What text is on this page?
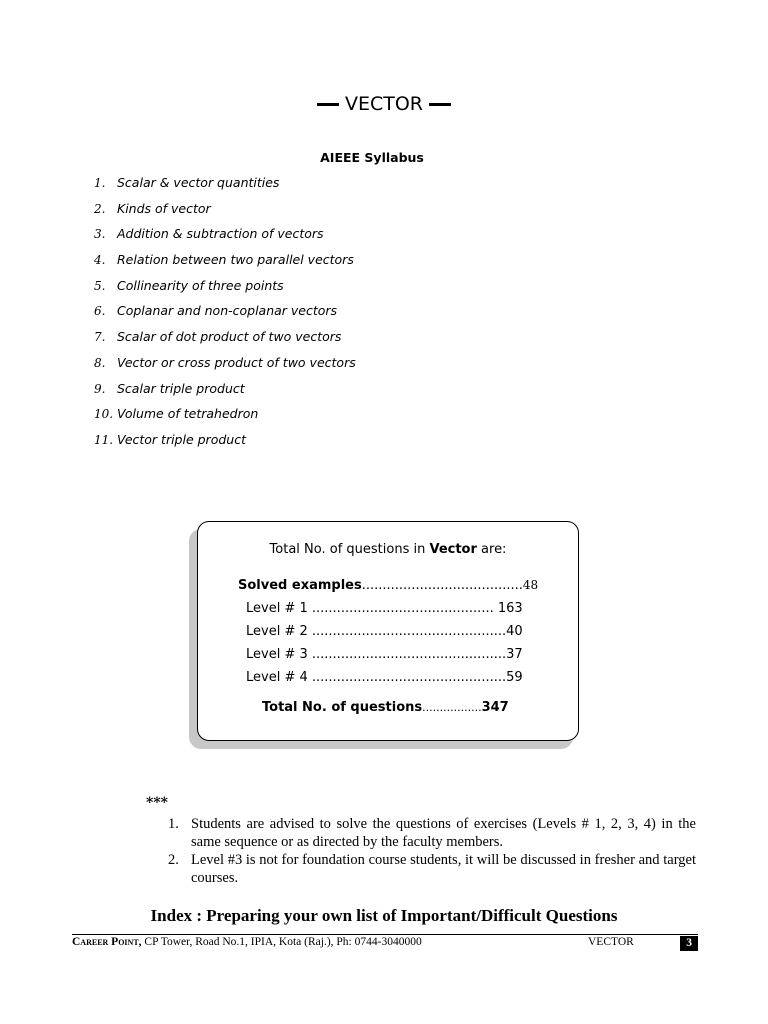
VECTOR
AIEEE Syllabus
1. Scalar & vector quantities
2. Kinds of vector
3. Addition & subtraction of vectors
4. Relation between two parallel vectors
5. Collinearity of three points
6. Coplanar and non-coplanar vectors
7. Scalar of dot product of two vectors
8. Vector or cross product of two vectors
9. Scalar triple product
10. Volume of tetrahedron
11. Vector triple product
Total No. of questions in Vector are:
Solved examples.......................................48
Level # 1 ............................................ 163
Level # 2 ...............................................40
Level # 3 ...............................................37
Level # 4 ...............................................59
Total No. of questions.................347
***
1. Students are advised to solve the questions of exercises (Levels # 1, 2, 3, 4) in the same sequence or as directed by the faculty members.
2. Level #3 is not for foundation course students, it will be discussed in fresher and target courses.
Index : Preparing your own list of Important/Difficult Questions
Career Point, CP Tower, Road No.1, IPIA, Kota (Raj.), Ph: 0744-3040000	VECTOR	3
